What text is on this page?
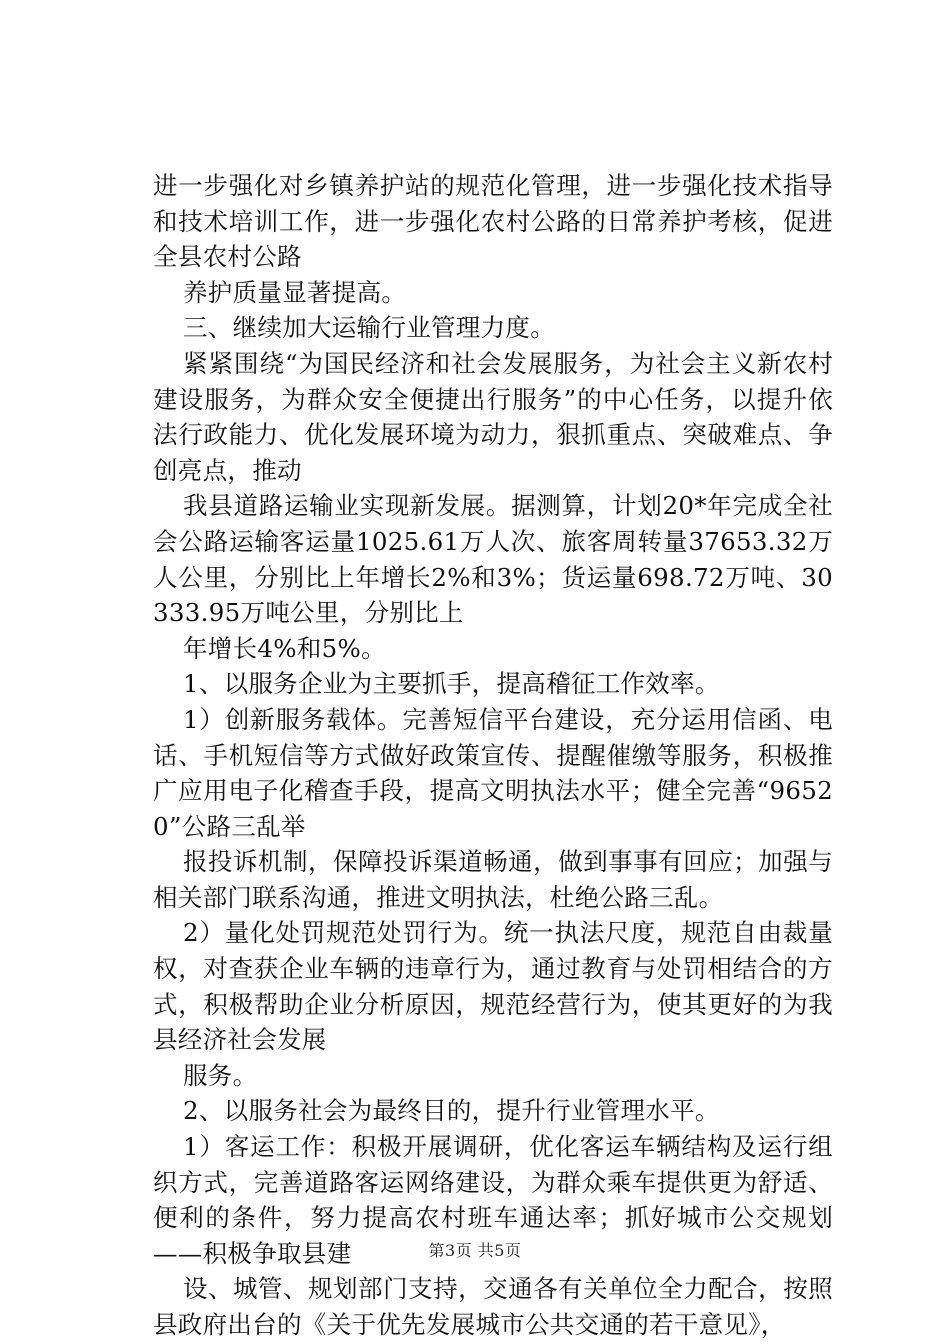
进一步强化对乡镇养护站的规范化管理，进一步强化技术指导和技术培训工作，进一步强化农村公路的日常养护考核，促进全县农村公路

养护质量显著提高。

三、继续加大运输行业管理力度。

紧紧围绕“为国民经济和社会发展服务，为社会主义新农村建设服务，为群众安全便捷出行服务”的中心任务，以提升依法行政能力、优化发展环境为动力，狠抓重点、突破难点、争创亮点，推动

我县道路运输业实现新发展。据测算，计划20*年完成全社会公路运输客运量1025.61万人次、旅客周转量37653.32万人公里，分别比上年增长2%和3%；货运量698.72万吨、30333.95万吨公里，分别比上

年增长4%和5%。

1、以服务企业为主要抓手，提高稽征工作效率。

1）创新服务载体。完善短信平台建设，充分运用信函、电话、手机短信等方式做好政策宣传、提醒催缴等服务，积极推广应用电子化稽查手段，提高文明执法水平；健全完善“96520”公路三乱举

报投诉机制，保障投诉渠道畅通，做到事事有回应；加强与相关部门联系沟通，推进文明执法，杜绝公路三乱。

2）量化处罚规范处罚行为。统一执法尺度，规范自由裁量权，对查获企业车辆的违章行为，通过教育与处罚相结合的方式，积极帮助企业分析原因，规范经营行为，使其更好的为我县经济社会发展

服务。

2、以服务社会为最终目的，提升行业管理水平。

1）客运工作：积极开展调研，优化客运车辆结构及运行组织方式，完善道路客运网络建设，为群众乘车提供更为舒适、便利的条件，努力提高农村班车通达率；抓好城市公交规划——积极争取县建

设、城管、规划部门支持，交通各有关单位全力配合，按照县政府出台的《关于优先发展城市公共交通的若干意见》，

第3页 共5页
